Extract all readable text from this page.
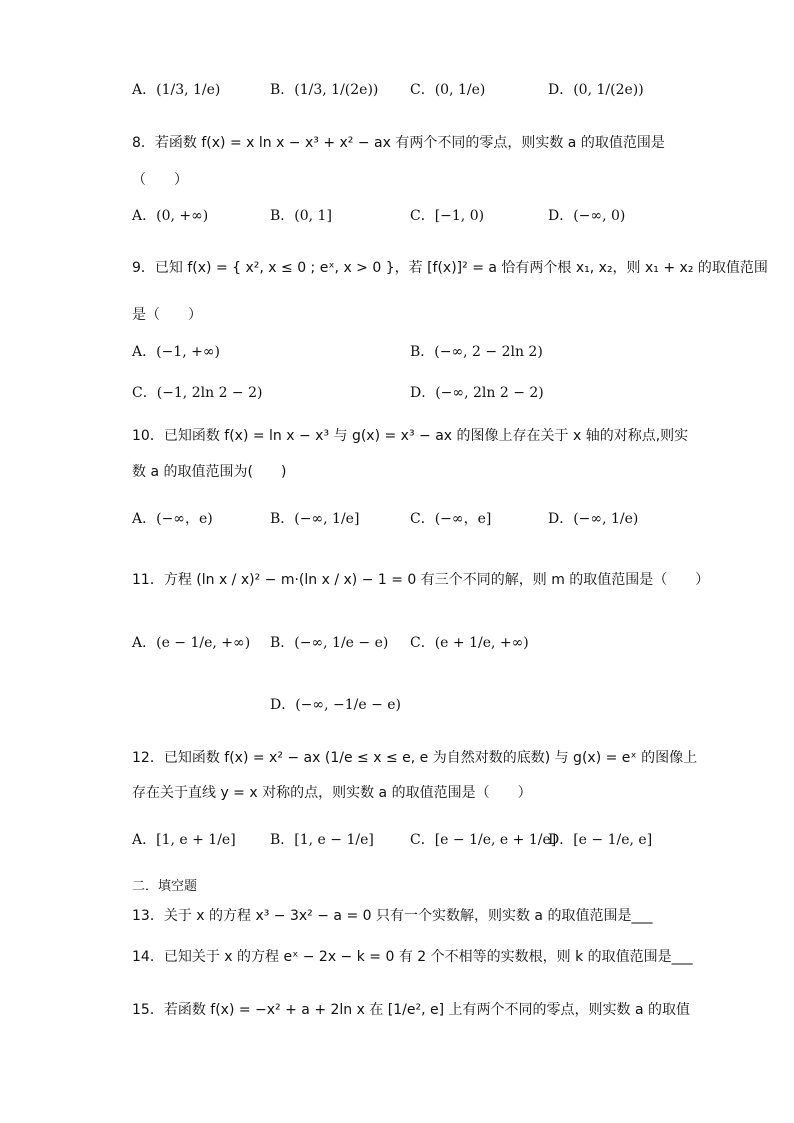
A．(1/3, 1/e)	B．(1/3, 1/(2e)) C．(0, 1/e)	D．(0, 1/(2e))
8．若函数 f(x) = x ln x − x³ + x² − ax 有两个不同的零点，则实数 a 的取值范围是
（　　）
A．(0, +∞)	B．(0, 1]	C．[−1, 0)	D．(−∞, 0)
9．已知 f(x) = { x², x ≤ 0 ; eˣ, x > 0 }，若 [f(x)]² = a 恰有两个根 x₁, x₂，则 x₁ + x₂ 的取值范围
是（　　）
A．(−1, +∞)	B．(−∞, 2 − 2ln 2)
C．(−1, 2ln 2 − 2)	D．(−∞, 2ln 2 − 2)
10．已知函数 f(x) = ln x − x³ 与 g(x) = x³ − ax 的图像上存在关于 x 轴的对称点,则实
数 a 的取值范围为(　　)
A．(−∞，e)	B．(−∞, 1/e]	C．(−∞，e]	D．(−∞, 1/e)
11．方程 (ln x / x)² − m·(ln x / x) − 1 = 0 有三个不同的解，则 m 的取值范围是（　　）
A．(e − 1/e, +∞) B．(−∞, 1/e − e) C．(e + 1/e, +∞)
D．(−∞, −1/e − e)
12．已知函数 f(x) = x² − ax (1/e ≤ x ≤ e, e 为自然对数的底数) 与 g(x) = eˣ 的图像上
存在关于直线 y = x 对称的点，则实数 a 的取值范围是（　　）
A．[1, e + 1/e] B．[1, e − 1/e]	C．[e − 1/e, e + 1/e]
D．[e − 1/e, e]
二．填空题
13．关于 x 的方程 x³ − 3x² − a = 0 只有一个实数解，则实数 a 的取值范围是___
14．已知关于 x 的方程 eˣ − 2x − k = 0 有 2 个不相等的实数根，则 k 的取值范围是___
15．若函数 f(x) = −x² + a + 2ln x 在 [1/e², e] 上有两个不同的零点，则实数 a 的取值
